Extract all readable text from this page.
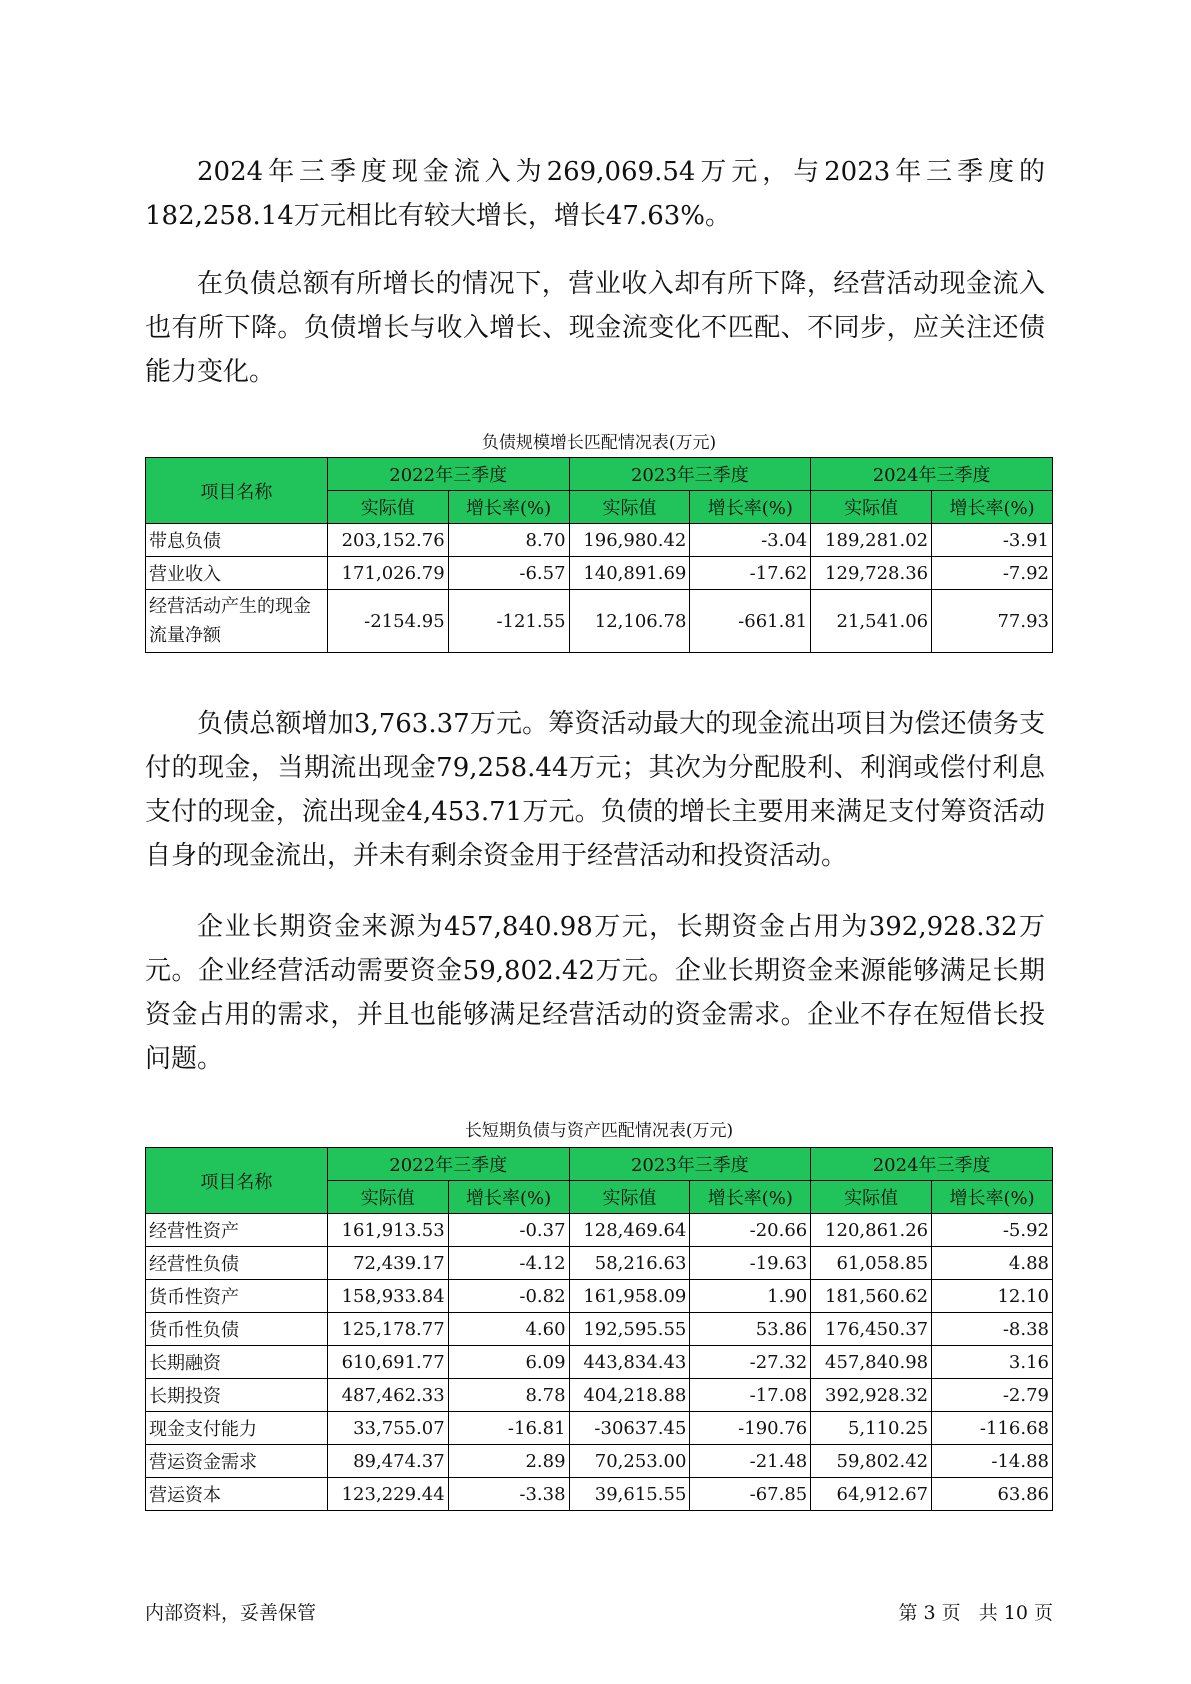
2024年三季度现金流入为269,069.54万元，与2023年三季度的182,258.14万元相比有较大增长，增长47.63%。

在负债总额有所增长的情况下，营业收入却有所下降，经营活动现金流入也有所下降。负债增长与收入增长、现金流变化不匹配、不同步，应关注还债能力变化。

负债规模增长匹配情况表(万元)
项目名称	2022年三季度		2023年三季度		2024年三季度	
	实际值	增长率(%)	实际值	增长率(%)	实际值	增长率(%)
带息负债	203,152.76	8.70	196,980.42	-3.04	189,281.02	-3.91
营业收入	171,026.79	-6.57	140,891.69	-17.62	129,728.36	-7.92
经营活动产生的现金流量净额	-2154.95	-121.55	12,106.78	-661.81	21,541.06	77.93

负债总额增加3,763.37万元。筹资活动最大的现金流出项目为偿还债务支付的现金，当期流出现金79,258.44万元；其次为分配股利、利润或偿付利息支付的现金，流出现金4,453.71万元。负债的增长主要用来满足支付筹资活动自身的现金流出，并未有剩余资金用于经营活动和投资活动。

企业长期资金来源为457,840.98万元，长期资金占用为392,928.32万元。企业经营活动需要资金59,802.42万元。企业长期资金来源能够满足长期资金占用的需求，并且也能够满足经营活动的资金需求。企业不存在短借长投问题。

长短期负债与资产匹配情况表(万元)
项目名称	2022年三季度		2023年三季度		2024年三季度	
	实际值	增长率(%)	实际值	增长率(%)	实际值	增长率(%)
经营性资产	161,913.53	-0.37	128,469.64	-20.66	120,861.26	-5.92
经营性负债	72,439.17	-4.12	58,216.63	-19.63	61,058.85	4.88
货币性资产	158,933.84	-0.82	161,958.09	1.90	181,560.62	12.10
货币性负债	125,178.77	4.60	192,595.55	53.86	176,450.37	-8.38
长期融资	610,691.77	6.09	443,834.43	-27.32	457,840.98	3.16
长期投资	487,462.33	8.78	404,218.88	-17.08	392,928.32	-2.79
现金支付能力	33,755.07	-16.81	-30637.45	-190.76	5,110.25	-116.68
营运资金需求	89,474.37	2.89	70,253.00	-21.48	59,802.42	-14.88
营运资本	123,229.44	-3.38	39,615.55	-67.85	64,912.67	63.86
内部资料，妥善保管	第 3 页   共 10 页
